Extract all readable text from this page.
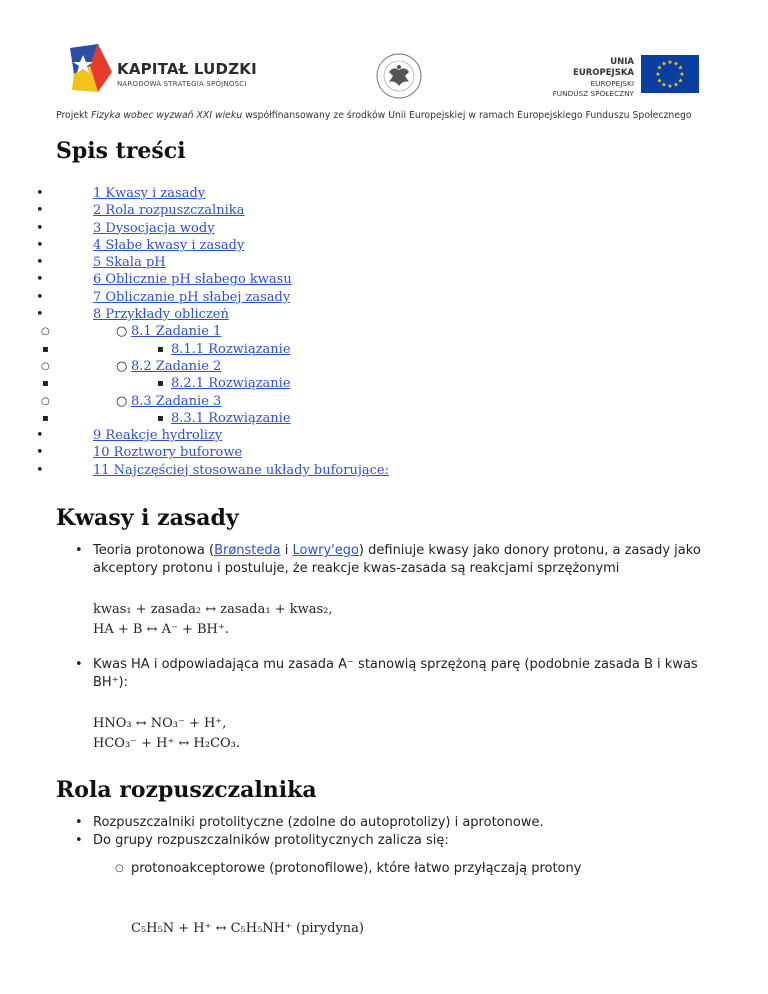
KAPITAŁ LUDZKI
NARODOWA STRATEGIA SPÓJNOŚCI
UNIA EUROPEJSKA
EUROPEJSKI
FUNDUSZ SPOŁECZNY
★ ★
★
★
★
★
★
★
★
★
★
★
Projekt Fizyka wobec wyzwań XXI wieku współfinansowany ze środków Unii Europejskiej w ramach Europejskiego Funduszu Społecznego
Spis treści
• 1 Kwasy i zasady
• 2 Rola rozpuszczalnika
• 3 Dysocjacja wody
• 4 Słabe kwasy i zasady
• 5 Skala pH
• 6 Oblicznie pH słabego kwasu
• 7 Obliczanie pH słabej zasady
• 8 Przykłady obliczeń
○ ○ 8.1 Zadanie 1
▪ ▪ 8.1.1 Rozwiązanie
○ ○ 8.2 Zadanie 2
▪ ▪ 8.2.1 Rozwiązanie
○ ○ 8.3 Zadanie 3
▪ ▪ 8.3.1 Rozwiązanie
• 9 Reakcje hydrolizy
• 10 Roztwory buforowe
• 11 Najczęściej stosowane układy buforujące:
Kwasy i zasady
• Teoria protonowa (Brønsteda i Lowry'ego) definiuje kwasy jako donory protonu, a zasady jako
akceptory protonu i postuluje, że reakcje kwas-zasada są reakcjami sprzężonymi
kwas₁ + zasada₂ ↔ zasada₁ + kwas₂,
HA + B ↔ A⁻ + BH⁺.
• Kwas HA i odpowiadająca mu zasada A⁻ stanowią sprzężoną parę (podobnie zasada B i kwas
BH⁺):
HNO₃ ↔ NO₃⁻ + H⁺,
HCO₃⁻ + H⁺ ↔ H₂CO₃.
Rola rozpuszczalnika
• Rozpuszczalniki protolityczne (zdolne do autoprotolizy) i aprotonowe.
• Do grupy rozpuszczalników protolitycznych zalicza się:
○ protonoakceptorowe (protonofilowe), które łatwo przyłączają protony
C₅H₅N + H⁺ ↔ C₅H₅NH⁺ (pirydyna)
